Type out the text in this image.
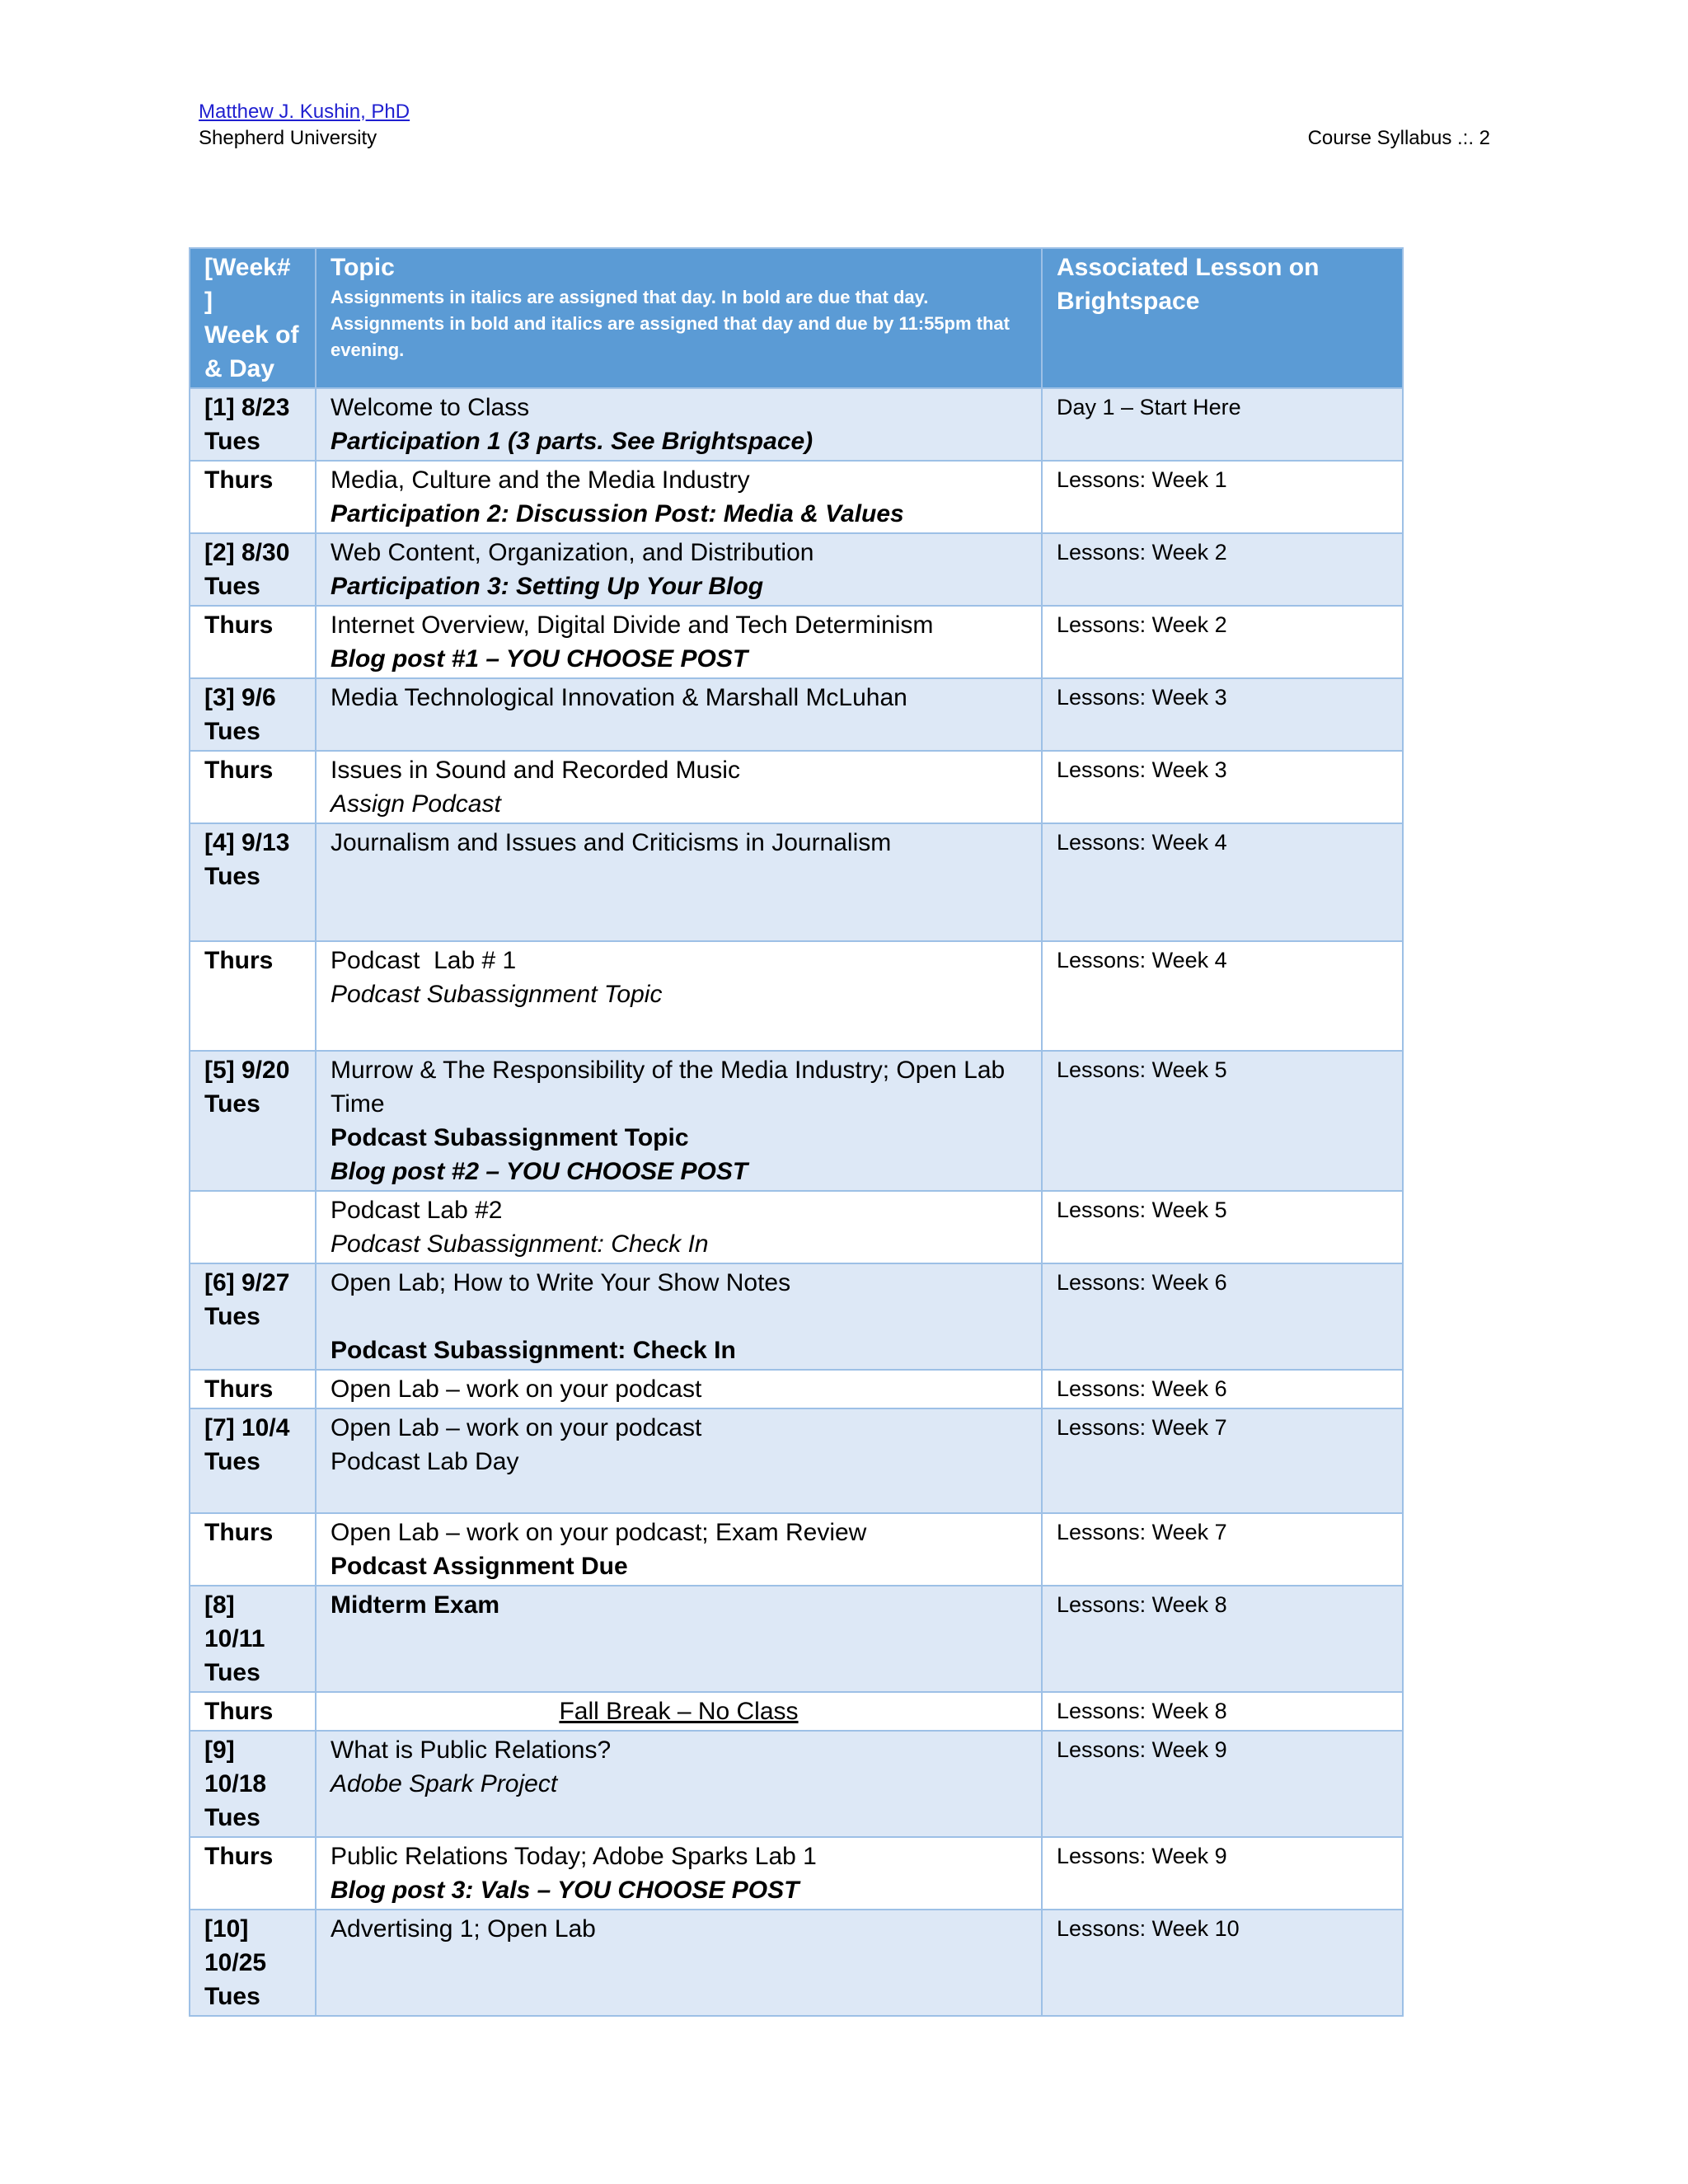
Matthew J. Kushin, PhD
Shepherd University	Course Syllabus .:. 2
[Week#
]
Week of
& Day	Topic
Assignments in italics are assigned that day. In bold are due that day.
Assignments in bold and italics are assigned that day and due by 11:55pm that evening.	Associated Lesson on
Brightspace

[1] 8/23
Tues	Welcome to Class
Participation 1 (3 parts. See Brightspace)	Day 1 – Start Here

Thurs	Media, Culture and the Media Industry
Participation 2: Discussion Post: Media & Values	Lessons: Week 1

[2] 8/30
Tues	Web Content, Organization, and Distribution
Participation 3: Setting Up Your Blog	Lessons: Week 2

Thurs	Internet Overview, Digital Divide and Tech Determinism
Blog post #1 – YOU CHOOSE POST	Lessons: Week 2

[3] 9/6
Tues	Media Technological Innovation & Marshall McLuhan	Lessons: Week 3

Thurs	Issues in Sound and Recorded Music
Assign Podcast	Lessons: Week 3

[4] 9/13
Tues	Journalism and Issues and Criticisms in Journalism	Lessons: Week 4

Thurs	Podcast  Lab # 1
Podcast Subassignment Topic	Lessons: Week 4

[5] 9/20
Tues	Murrow & The Responsibility of the Media Industry; Open Lab Time
Podcast Subassignment Topic
Blog post #2 – YOU CHOOSE POST	Lessons: Week 5

	Podcast Lab #2
Podcast Subassignment: Check In	Lessons: Week 5

[6] 9/27
Tues	Open Lab; How to Write Your Show Notes
Podcast Subassignment: Check In	Lessons: Week 6

Thurs	Open Lab – work on your podcast	Lessons: Week 6

[7] 10/4
Tues	Open Lab – work on your podcast
Podcast Lab Day	Lessons: Week 7

Thurs	Open Lab – work on your podcast; Exam Review
Podcast Assignment Due	Lessons: Week 7

[8]
10/11
Tues	Midterm Exam	Lessons: Week 8

Thurs	Fall Break – No Class	Lessons: Week 8

[9]
10/18
Tues	What is Public Relations?
Adobe Spark Project	Lessons: Week 9

Thurs	Public Relations Today; Adobe Sparks Lab 1
Blog post 3: Vals – YOU CHOOSE POST	Lessons: Week 9

[10]
10/25
Tues	Advertising 1; Open Lab	Lessons: Week 10
